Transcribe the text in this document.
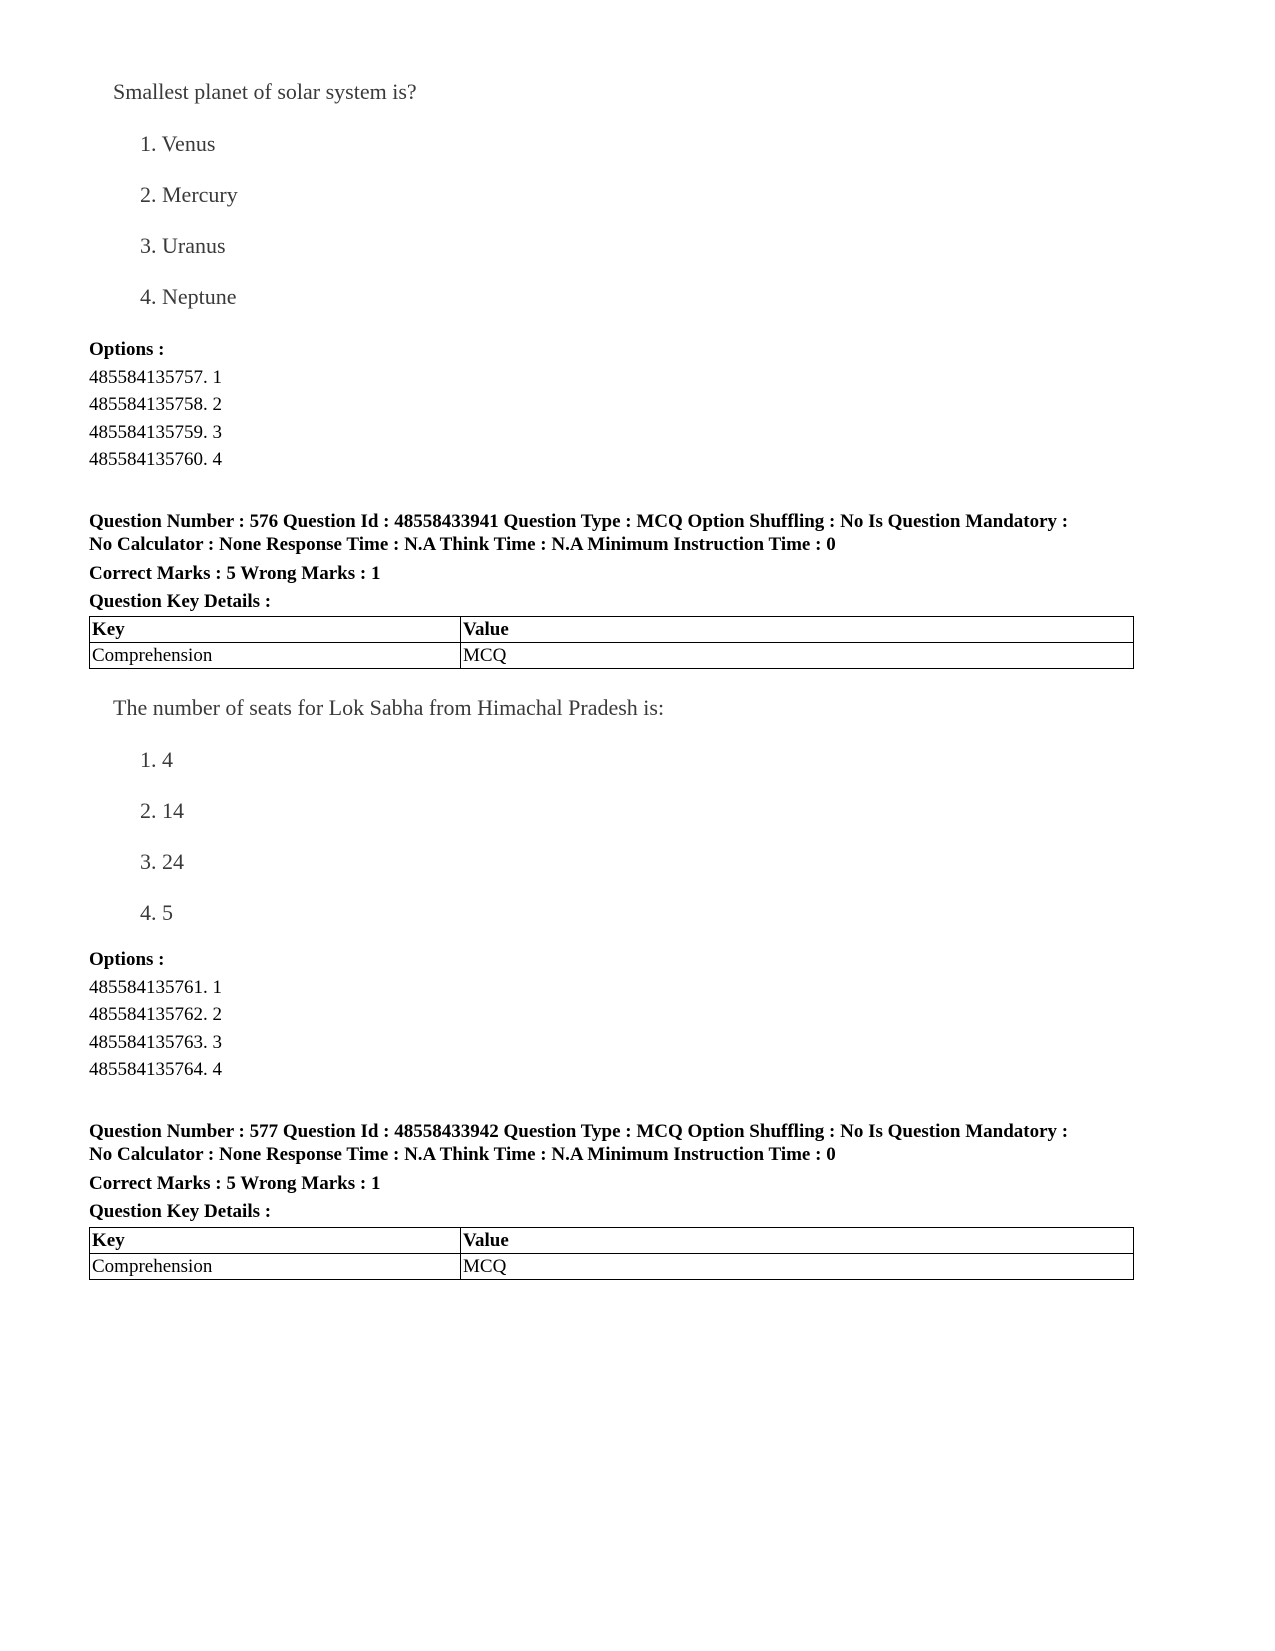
Smallest planet of solar system is?

1. Venus
2. Mercury
3. Uranus
4. Neptune
Options :
485584135757. 1
485584135758. 2
485584135759. 3
485584135760. 4
Question Number : 576 Question Id : 48558433941 Question Type : MCQ Option Shuffling : No Is Question Mandatory :
No Calculator : None Response Time : N.A Think Time : N.A Minimum Instruction Time : 0
Correct Marks : 5 Wrong Marks : 1
Question Key Details :
Key	Value
Comprehension	MCQ

The number of seats for Lok Sabha from Himachal Pradesh is:

1. 4
2. 14
3. 24
4. 5
Options :
485584135761. 1
485584135762. 2
485584135763. 3
485584135764. 4
Question Number : 577 Question Id : 48558433942 Question Type : MCQ Option Shuffling : No Is Question Mandatory :
No Calculator : None Response Time : N.A Think Time : N.A Minimum Instruction Time : 0
Correct Marks : 5 Wrong Marks : 1
Question Key Details :
Key	Value
Comprehension	MCQ
